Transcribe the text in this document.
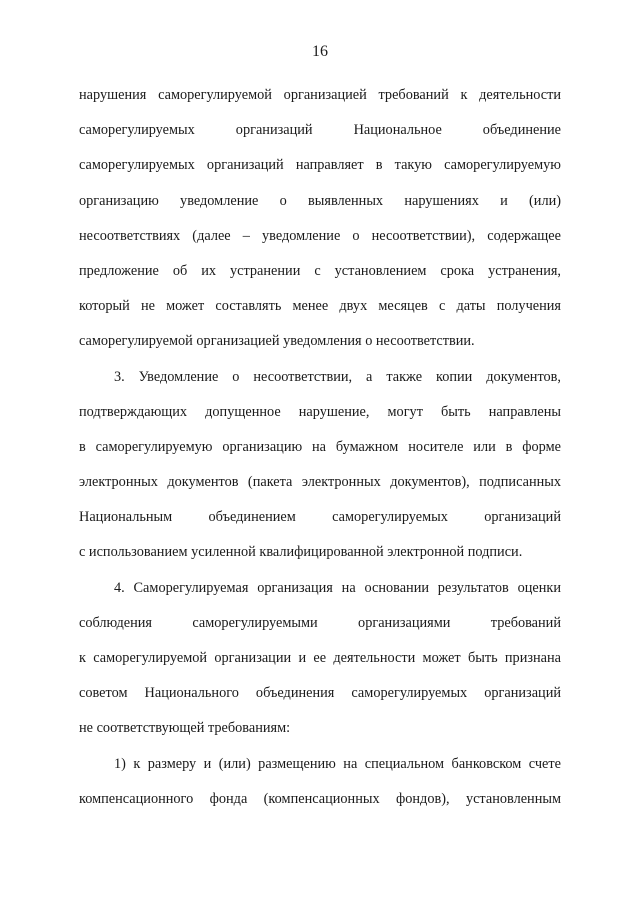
16

нарушения саморегулируемой организацией требований к деятельности
саморегулируемых организаций Национальное объединение
саморегулируемых организаций направляет в такую саморегулируемую
организацию уведомление о выявленных нарушениях и (или)
несоответствиях (далее – уведомление о несоответствии), содержащее
предложение об их устранении с установлением срока устранения,
который не может составлять менее двух месяцев с даты получения
саморегулируемой организацией уведомления о несоответствии.

3. Уведомление о несоответствии, а также копии документов,
подтверждающих допущенное нарушение, могут быть направлены
в саморегулируемую организацию на бумажном носителе или в форме
электронных документов (пакета электронных документов), подписанных
Национальным объединением саморегулируемых организаций
с использованием усиленной квалифицированной электронной подписи.

4. Саморегулируемая организация на основании результатов оценки
соблюдения саморегулируемыми организациями требований
к саморегулируемой организации и ее деятельности может быть признана
советом Национального объединения саморегулируемых организаций
не соответствующей требованиям:

1) к размеру и (или) размещению на специальном банковском счете
компенсационного фонда (компенсационных фондов), установленным
